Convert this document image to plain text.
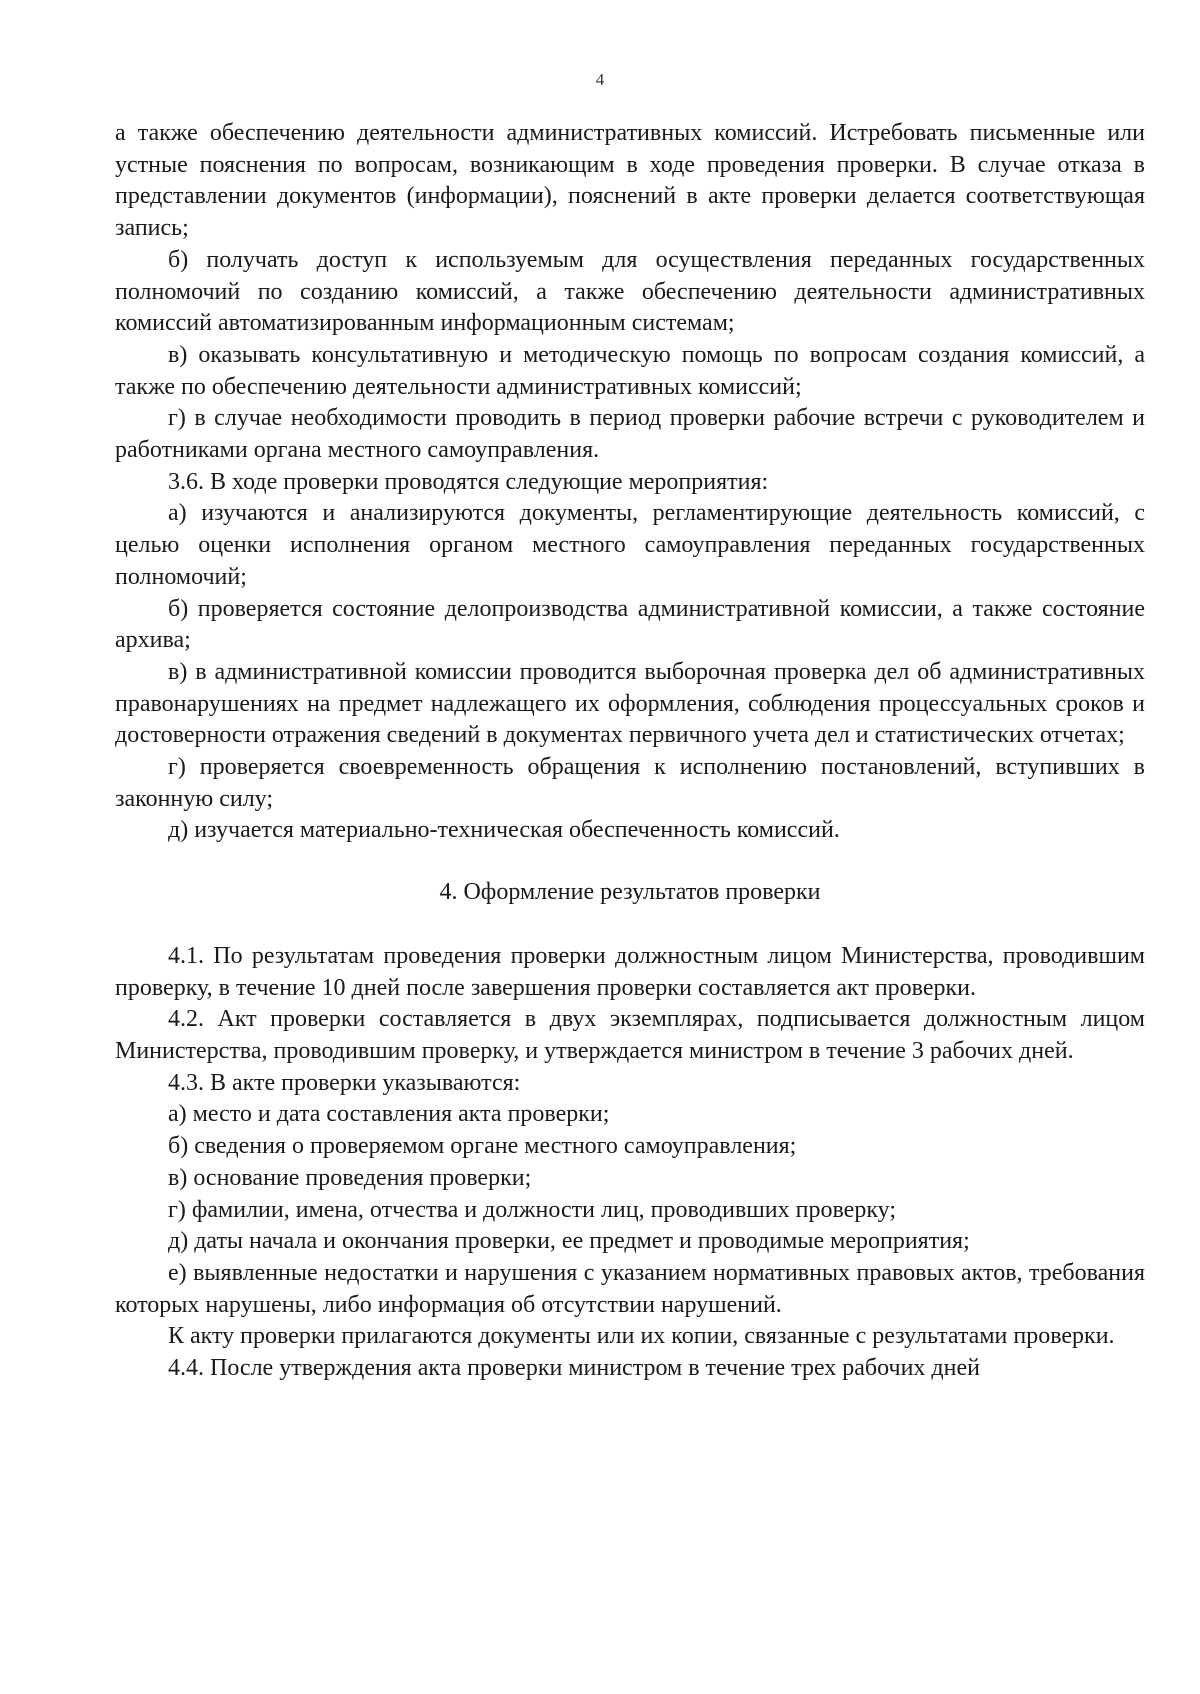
4

а также обеспечению деятельности административных комиссий. Истребовать письменные или устные пояснения по вопросам, возникающим в ходе проведения проверки. В случае отказа в представлении документов (информации), пояснений в акте проверки делается соответствующая запись;

б) получать доступ к используемым для осуществления переданных государственных полномочий по созданию комиссий, а также обеспечению деятельности административных комиссий автоматизированным информационным системам;

в) оказывать консультативную и методическую помощь по вопросам создания комиссий, а также по обеспечению деятельности административных комиссий;

г) в случае необходимости проводить в период проверки рабочие встречи с руководителем и работниками органа местного самоуправления.

3.6. В ходе проверки проводятся следующие мероприятия:

а) изучаются и анализируются документы, регламентирующие деятельность комиссий, с целью оценки исполнения органом местного самоуправления переданных государственных полномочий;

б) проверяется состояние делопроизводства административной комиссии, а также состояние архива;

в) в административной комиссии проводится выборочная проверка дел об административных правонарушениях на предмет надлежащего их оформления, соблюдения процессуальных сроков и достоверности отражения сведений в документах первичного учета дел и статистических отчетах;

г) проверяется своевременность обращения к исполнению постановлений, вступивших в законную силу;

д) изучается материально-техническая обеспеченность комиссий.

4. Оформление результатов проверки

4.1. По результатам проведения проверки должностным лицом Министерства, проводившим проверку, в течение 10 дней после завершения проверки составляется акт проверки.

4.2. Акт проверки составляется в двух экземплярах, подписывается должностным лицом Министерства, проводившим проверку, и утверждается министром в течение 3 рабочих дней.

4.3. В акте проверки указываются:

а) место и дата составления акта проверки;

б) сведения о проверяемом органе местного самоуправления;

в) основание проведения проверки;

г) фамилии, имена, отчества и должности лиц, проводивших проверку;

д) даты начала и окончания проверки, ее предмет и проводимые мероприятия;

е) выявленные недостатки и нарушения с указанием нормативных правовых актов, требования которых нарушены, либо информация об отсутствии нарушений.

К акту проверки прилагаются документы или их копии, связанные с результатами проверки.

4.4. После утверждения акта проверки министром в течение трех рабочих дней
